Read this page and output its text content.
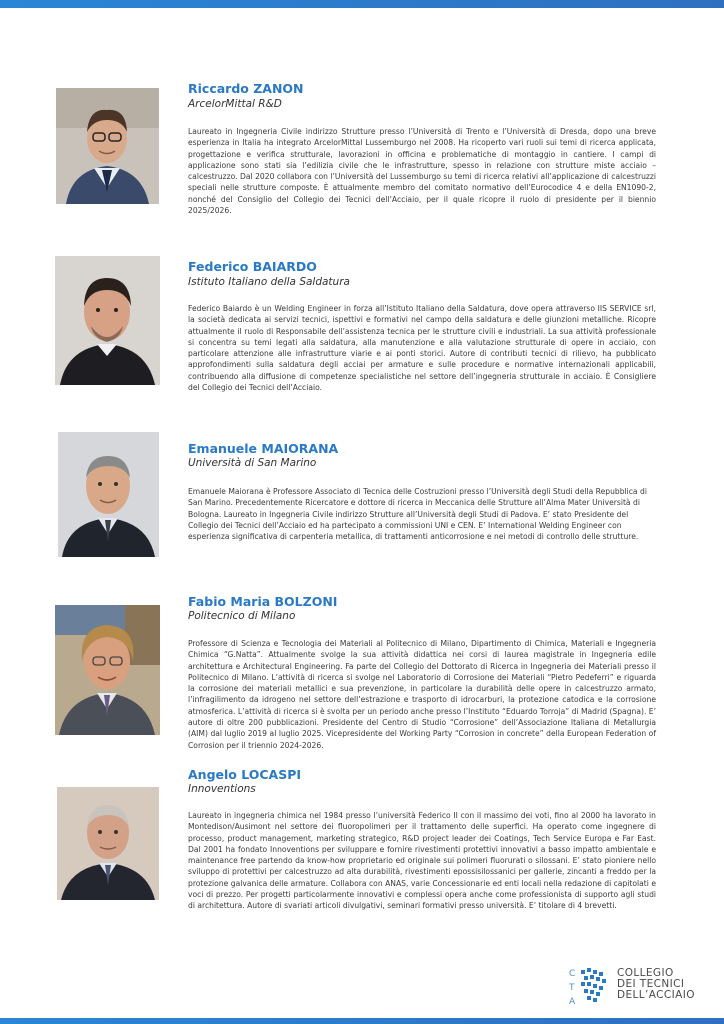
Riccardo ZANON
ArcelorMittal R&D

Laureato in Ingegneria Civile indirizzo Strutture presso l’Università di Trento e l’Università di Dresda, dopo una breve esperienza in Italia ha integrato ArcelorMittal Lussemburgo nel 2008. Ha ricoperto vari ruoli sui temi di ricerca applicata, progettazione e verifica strutturale, lavorazioni in officina e problematiche di montaggio in cantiere. I campi di applicazione sono stati sia l’edilizia civile che le infrastrutture, spesso in relazione con strutture miste acciaio – calcestruzzo. Dal 2020 collabora con l’Università del Lussemburgo su temi di ricerca relativi all’applicazione di calcestruzzi speciali nelle strutture composte. È attualmente membro del comitato normativo dell’Eurocodice 4 e della EN1090-2, nonché del Consiglio del Collegio dei Tecnici dell’Acciaio, per il quale ricopre il ruolo di presidente per il biennio 2025/2026.

Federico BAIARDO
Istituto Italiano della Saldatura

Federico Baiardo è un Welding Engineer in forza all’Istituto Italiano della Saldatura, dove opera attraverso IIS SERVICE srl, la società dedicata ai servizi tecnici, ispettivi e formativi nel campo della saldatura e delle giunzioni metalliche. Ricopre attualmente il ruolo di Responsabile dell’assistenza tecnica per le strutture civili e industriali. La sua attività professionale si concentra su temi legati alla saldatura, alla manutenzione e alla valutazione strutturale di opere in acciaio, con particolare attenzione alle infrastrutture viarie e ai ponti storici. Autore di contributi tecnici di rilievo, ha pubblicato approfondimenti sulla saldatura degli acciai per armature e sulle procedure e normative internazionali applicabili, contribuendo alla diffusione di competenze specialistiche nel settore dell’ingegneria strutturale in acciaio. È Consigliere del Collegio dei Tecnici dell’Acciaio.

Emanuele MAIORANA
Università di San Marino

Emanuele Maiorana è Professore Associato di Tecnica delle Costruzioni presso l’Università degli Studi della Repubblica di San Marino. Precedentemente Ricercatore e dottore di ricerca in Meccanica delle Strutture all’Alma Mater Università di Bologna. Laureato in Ingegneria Civile indirizzo Strutture all’Università degli Studi di Padova. E’ stato Presidente del Collegio dei Tecnici dell’Acciaio ed ha partecipato a commissioni UNI e CEN. E’ International Welding Engineer con esperienza significativa di carpenteria metallica, di trattamenti anticorrosione e nei metodi di controllo delle strutture.

Fabio Maria BOLZONI
Politecnico di Milano

Professore di Scienza e Tecnologia dei Materiali al Politecnico di Milano, Dipartimento di Chimica, Materiali e Ingegneria Chimica “G.Natta”. Attualmente svolge la sua attività didattica nei corsi di laurea magistrale in Ingegneria edile architettura e Architectural Engineering. Fa parte del Collegio del Dottorato di Ricerca in Ingegneria dei Materiali presso il Politecnico di Milano. L’attività di ricerca si svolge nel Laboratorio di Corrosione dei Materiali “Pietro Pedeferri” e riguarda la corrosione dei materiali metallici e sua prevenzione, in particolare la durabilità delle opere in calcestruzzo armato, l’infragilimento da idrogeno nel settore dell’estrazione e trasporto di idrocarburi, la protezione catodica e la corrosione atmosferica. L’attività di ricerca si è svolta per un periodo anche presso l’Instituto “Eduardo Torroja” di Madrid (Spagna). E’ autore di oltre 200 pubblicazioni. Presidente del Centro di Studio “Corrosione” dell’Associazione Italiana di Metallurgia (AIM) dal luglio 2019 al luglio 2025. Vicepresidente del Working Party “Corrosion in concrete” della European Federation of Corrosion per il triennio 2024-2026.

Angelo LOCASPI
Innoventions

Laureato in ingegneria chimica nel 1984 presso l’università Federico II con il massimo dei voti, fino al 2000 ha lavorato in Montedison/Ausimont nel settore dei fluoropolimeri per il trattamento delle superfici. Ha operato come ingegnere di processo, product management, marketing strategico, R&D project leader dei Coatings, Tech Service Europa e Far East. Dal 2001 ha fondato Innoventions per sviluppare e fornire rivestimenti protettivi innovativi a basso impatto ambientale e maintenance free partendo da know-how proprietario ed originale sui polimeri fluorurati o silossani. E’ stato pioniere nello sviluppo di protettivi per calcestruzzo ad alta durabilità, rivestimenti epossisilossanici per gallerie, zincanti a freddo per la protezione galvanica delle armature. Collabora con ANAS, varie Concessionarie ed enti locali nella redazione di capitolati e voci di prezzo. Per progetti particolarmente innovativi e complessi opera anche come professionista di supporto agli studi di architettura. Autore di svariati articoli divulgativi, seminari formativi presso università. E’ titolare di 4 brevetti.

C
T
A
COLLEGIO
DEI TECNICI
DELL’ACCIAIO
